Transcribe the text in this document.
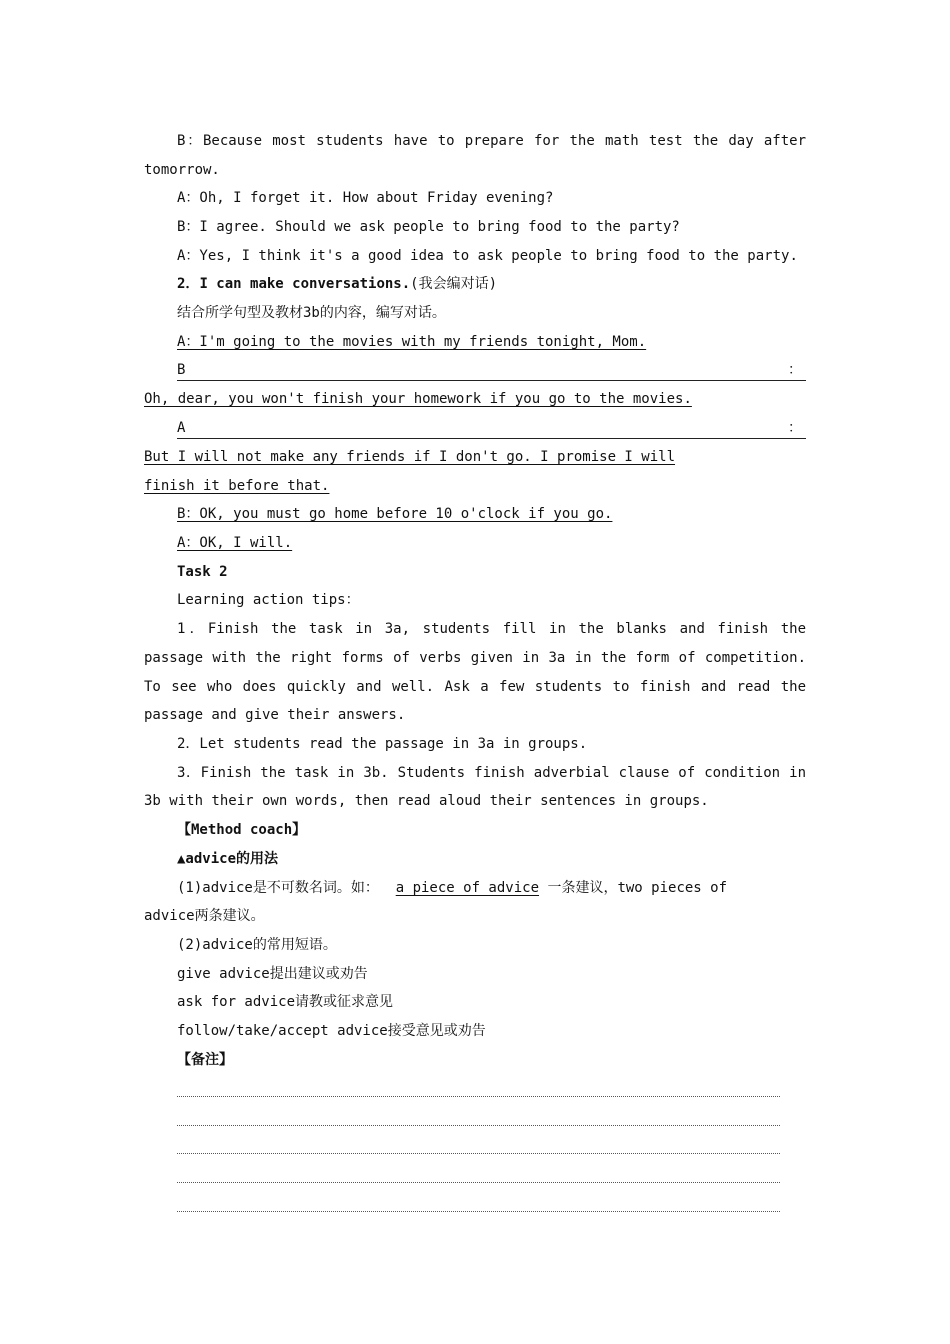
B：Because most students have to prepare for the math test the day after
tomorrow.
A：Oh, I forget it. How about Friday evening?
B：I agree. Should we ask people to bring food to the party?
A：Yes, I think it's a good idea to ask people to bring food to the party.
2．I can make conversations.(我会编对话)
结合所学句型及教材3b的内容，编写对话。
A：I'm going to the movies with my friends tonight, Mom.
B	：
Oh, dear, you won't finish your homework if you go to the movies.
A	：
But I will not make any friends if I don't go. I promise I will
finish it before that.
B：OK, you must go home before 10 o'clock if you go.
A：OK, I will.
Task 2
Learning action tips：
1．Finish the task in 3a, students fill in the blanks and finish the
passage with the right forms of verbs given in 3a in the form of competition.
To see who does quickly and well. Ask a few students to finish and read the
passage and give their answers.
2．Let students read the passage in 3a in groups.
3．Finish the task in 3b. Students finish adverbial clause of condition in
3b with their own words, then read aloud their sentences in groups.
【Method coach】
▲advice的用法
(1)advice是不可数名词。如： a piece of advice 一条建议，two pieces of
advice两条建议。
(2)advice的常用短语。
give advice提出建议或劝告
ask for advice请教或征求意见
follow/take/accept advice接受意见或劝告
【备注】
